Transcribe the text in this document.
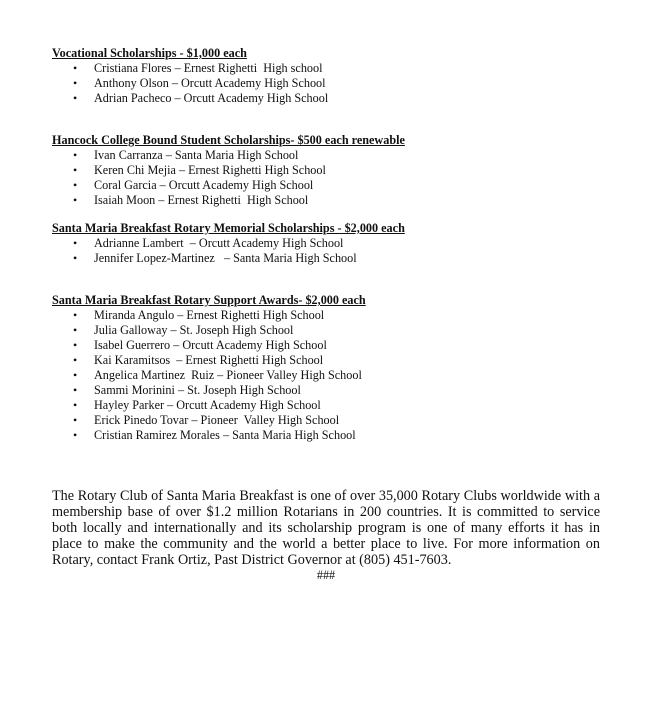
Vocational Scholarships - $1,000 each

• Cristiana Flores – Ernest Righetti  High school
• Anthony Olson – Orcutt Academy High School
• Adrian Pacheco – Orcutt Academy High School

Hancock College Bound Student Scholarships- $500 each renewable

• Ivan Carranza – Santa Maria High School
• Keren Chi Mejia – Ernest Righetti High School
• Coral Garcia – Orcutt Academy High School
• Isaiah Moon – Ernest Righetti  High School

Santa Maria Breakfast Rotary Memorial Scholarships - $2,000 each

• Adrianne Lambert  – Orcutt Academy High School
• Jennifer Lopez-Martinez   – Santa Maria High School

Santa Maria Breakfast Rotary Support Awards- $2,000 each

• Miranda Angulo – Ernest Righetti High School
• Julia Galloway – St. Joseph High School
• Isabel Guerrero – Orcutt Academy High School
• Kai Karamitsos  – Ernest Righetti High School
• Angelica Martinez  Ruiz – Pioneer Valley High School
• Sammi Morinini – St. Joseph High School
• Hayley Parker – Orcutt Academy High School
• Erick Pinedo Tovar – Pioneer  Valley High School
• Cristian Ramirez Morales – Santa Maria High School

The Rotary Club of Santa Maria Breakfast is one of over 35,000 Rotary Clubs worldwide with a membership base of over $1.2 million Rotarians in 200 countries. It is committed to service both locally and internationally and its scholarship program is one of many efforts it has in place to make the community and the world a better place to live. For more information on Rotary, contact Frank Ortiz, Past District Governor at (805) 451-7603.

###
